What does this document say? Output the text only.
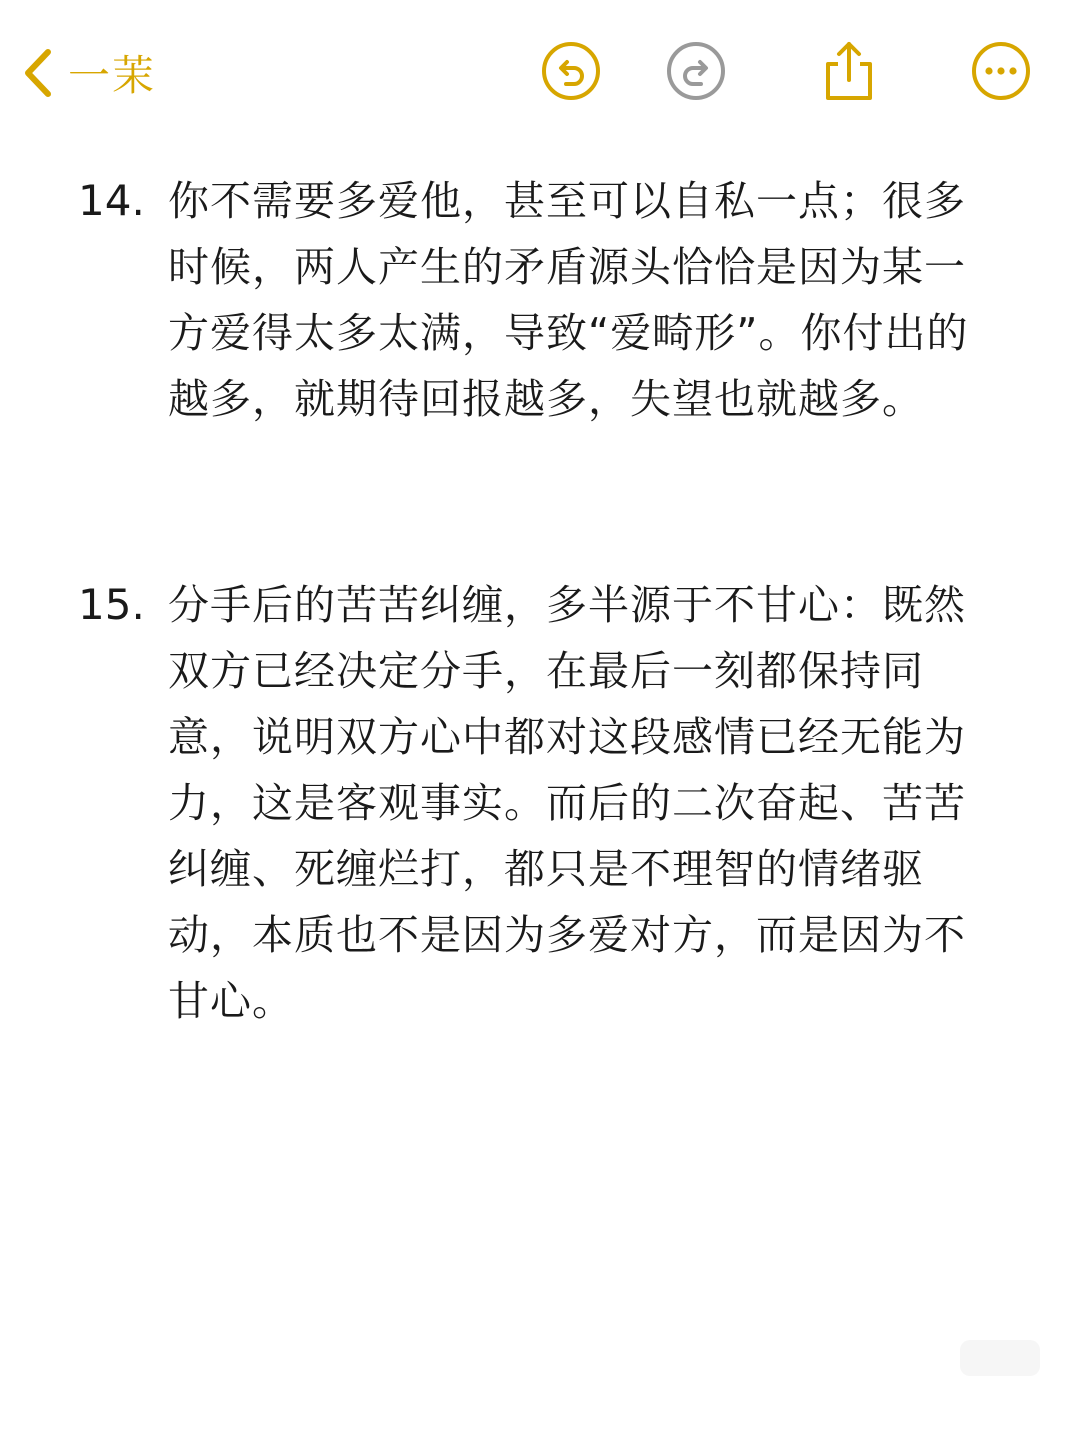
一茉
14. 你不需要多爱他，甚至可以自私一点；很多时候，两人产生的矛盾源头恰恰是因为某一方爱得太多太满，导致“爱畸形”。你付出的越多，就期待回报越多，失望也就越多。
15. 分手后的苦苦纠缠，多半源于不甘心：既然双方已经决定分手，在最后一刻都保持同意，说明双方心中都对这段感情已经无能为力，这是客观事实。而后的二次奋起、苦苦纠缠、死缠烂打，都只是不理智的情绪驱动，本质也不是因为多爱对方，而是因为不甘心。
